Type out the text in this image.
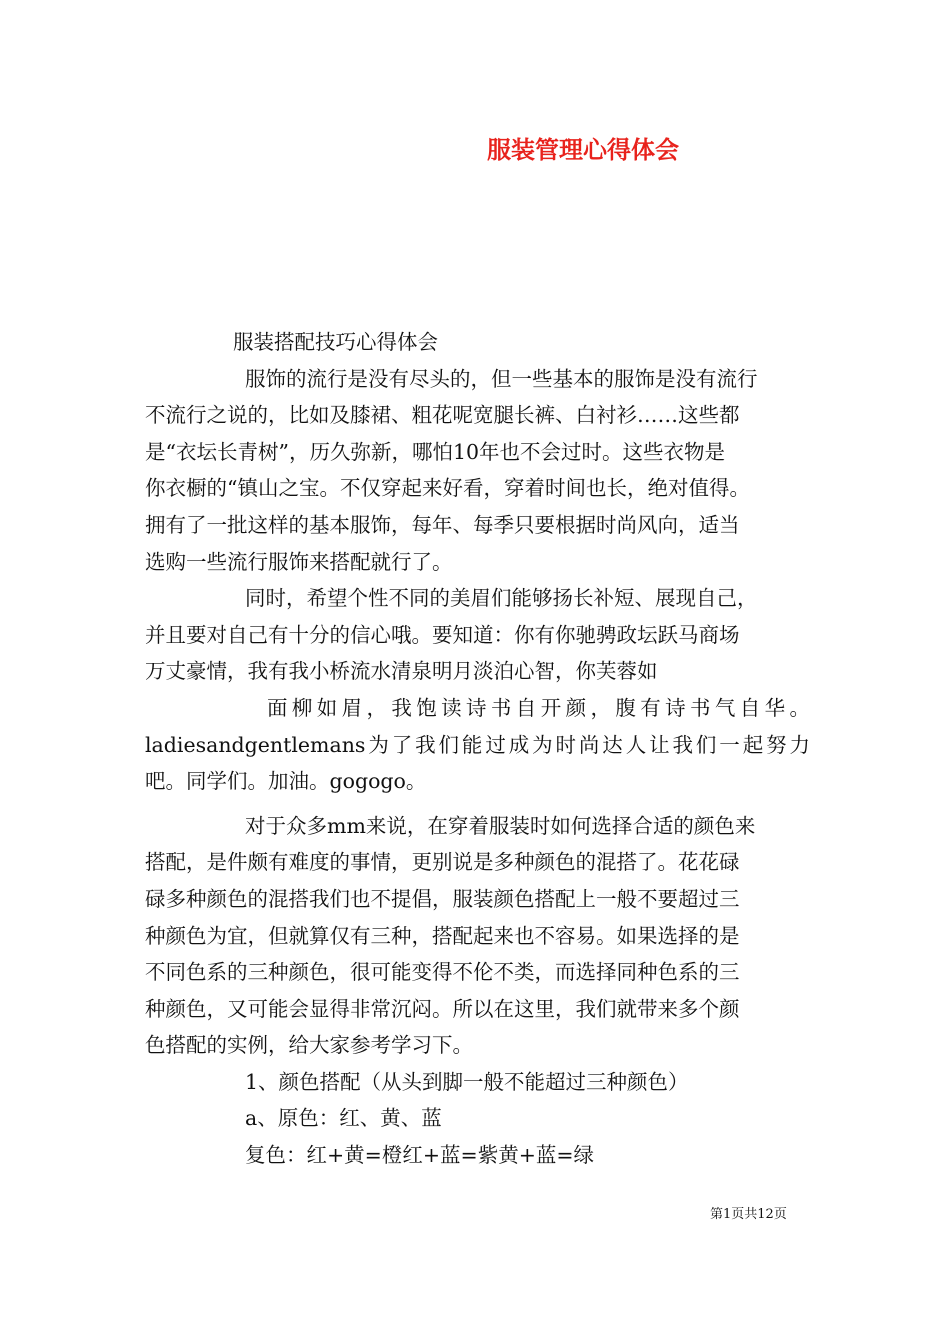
服装管理心得体会
服装搭配技巧心得体会
服饰的流行是没有尽头的，但一些基本的服饰是没有流行
不流行之说的，比如及膝裙、粗花呢宽腿长裤、白衬衫……这些都
是“衣坛长青树”，历久弥新，哪怕10年也不会过时。这些衣物是
你衣橱的“镇山之宝。不仅穿起来好看，穿着时间也长，绝对值得。
拥有了一批这样的基本服饰，每年、每季只要根据时尚风向，适当
选购一些流行服饰来搭配就行了。
同时，希望个性不同的美眉们能够扬长补短、展现自己，
并且要对自己有十分的信心哦。要知道：你有你驰骋政坛跃马商场
万丈豪情，我有我小桥流水清泉明月淡泊心智，你芙蓉如
面柳如眉，我饱读诗书自开颜，腹有诗书气自华。
ladiesandgentlemans为了我们能过成为时尚达人让我们一起努力
吧。同学们。加油。gogogo。
对于众多mm来说，在穿着服装时如何选择合适的颜色来
搭配，是件颇有难度的事情，更别说是多种颜色的混搭了。花花碌
碌多种颜色的混搭我们也不提倡，服装颜色搭配上一般不要超过三
种颜色为宜，但就算仅有三种，搭配起来也不容易。如果选择的是
不同色系的三种颜色，很可能变得不伦不类，而选择同种色系的三
种颜色，又可能会显得非常沉闷。所以在这里，我们就带来多个颜
色搭配的实例，给大家参考学习下。
1、颜色搭配（从头到脚一般不能超过三种颜色）
a、原色：红、黄、蓝
复色：红+黄=橙红+蓝=紫黄+蓝=绿
第1页共12页
